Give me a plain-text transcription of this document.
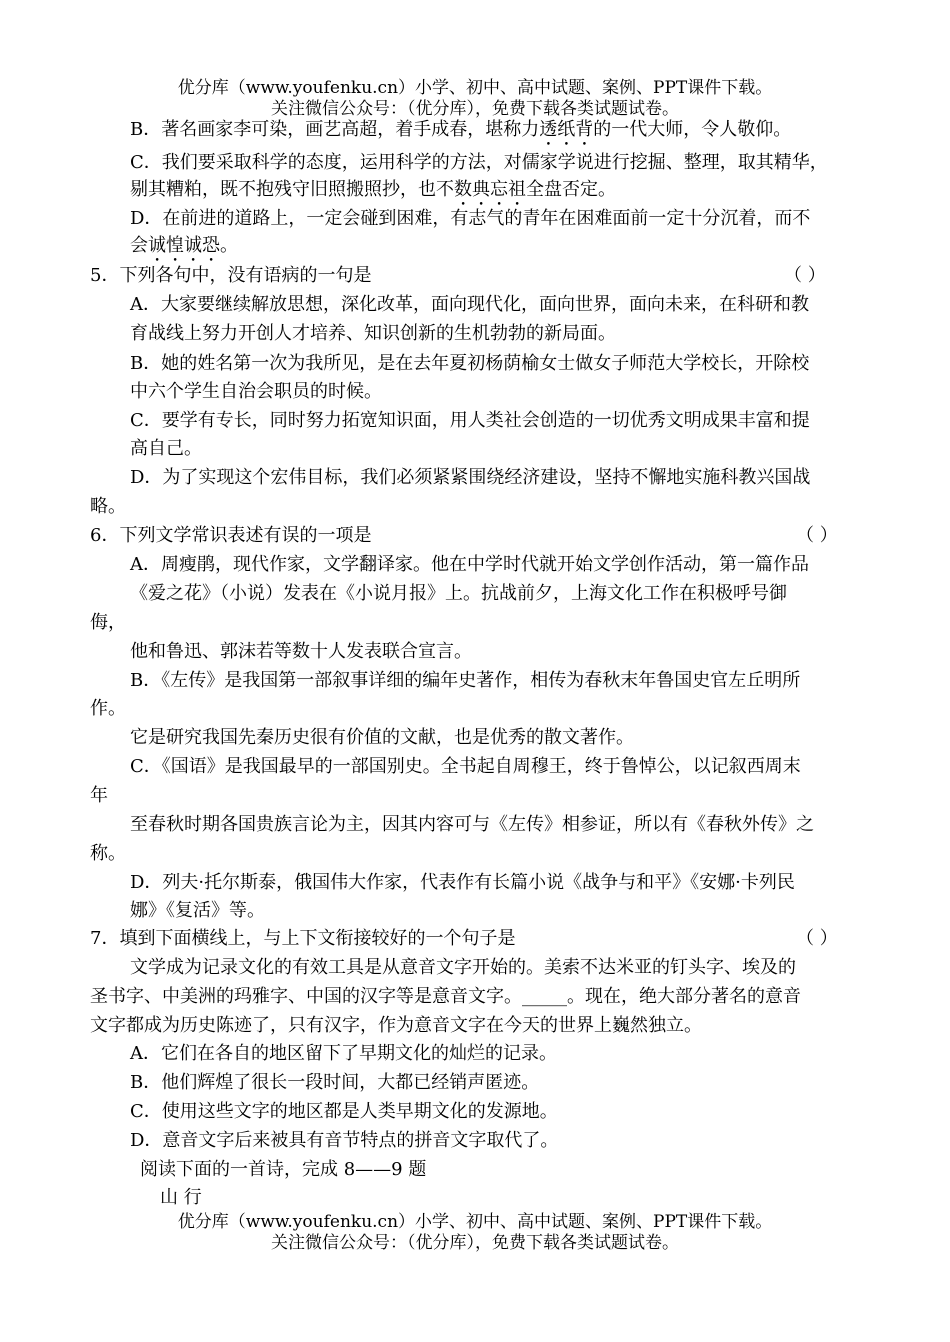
优分库（www.youfenku.cn）小学、初中、高中试题、案例、PPT课件下载。
关注微信公众号：（优分库），免费下载各类试题试卷。
B．著名画家李可染，画艺高超，着手成春，堪称力透纸背的一代大师，令人敬仰。
C．我们要采取科学的态度，运用科学的方法，对儒家学说进行挖掘、整理，取其精华，
剔其糟粕，既不抱残守旧照搬照抄，也不数典忘祖全盘否定。
D．在前进的道路上，一定会碰到困难，有志气的青年在困难面前一定十分沉着，而不
会诚惶诚恐。
5．下列各句中，没有语病的一句是	（ ）
A．大家要继续解放思想，深化改革，面向现代化，面向世界，面向未来，在科研和教
育战线上努力开创人才培养、知识创新的生机勃勃的新局面。
B．她的姓名第一次为我所见，是在去年夏初杨荫榆女士做女子师范大学校长，开除校
中六个学生自治会职员的时候。
C．要学有专长，同时努力拓宽知识面，用人类社会创造的一切优秀文明成果丰富和提
高自己。
D．为了实现这个宏伟目标，我们必须紧紧围绕经济建设，坚持不懈地实施科教兴国战
略。
6．下列文学常识表述有误的一项是	（ ）
A．周瘦鹃，现代作家，文学翻译家。他在中学时代就开始文学创作活动，第一篇作品
《爱之花》（小说）发表在《小说月报》上。抗战前夕，上海文化工作在积极呼号御
侮，
他和鲁迅、郭沫若等数十人发表联合宣言。
B．《左传》是我国第一部叙事详细的编年史著作，相传为春秋末年鲁国史官左丘明所
作。
它是研究我国先秦历史很有价值的文献，也是优秀的散文著作。
C．《国语》是我国最早的一部国别史。全书起自周穆王，终于鲁悼公，以记叙西周末
年
至春秋时期各国贵族言论为主，因其内容可与《左传》相参证，所以有《春秋外传》之
称。
D．列夫·托尔斯泰，俄国伟大作家，代表作有长篇小说《战争与和平》《安娜·卡列民
娜》《复活》等。
7．填到下面横线上，与上下文衔接较好的一个句子是	（ ）
文学成为记录文化的有效工具是从意音文字开始的。美索不达米亚的钉头字、埃及的
圣书字、中美洲的玛雅字、中国的汉字等是意音文字。_____。现在，绝大部分著名的意音
文字都成为历史陈迹了，只有汉字，作为意音文字在今天的世界上巍然独立。
A．它们在各自的地区留下了早期文化的灿烂的记录。
B．他们辉煌了很长一段时间，大都已经销声匿迹。
C．使用这些文字的地区都是人类早期文化的发源地。
D．意音文字后来被具有音节特点的拼音文字取代了。
阅读下面的一首诗，完成 8——9 题
山 行
优分库（www.youfenku.cn）小学、初中、高中试题、案例、PPT课件下载。
关注微信公众号：（优分库），免费下载各类试题试卷。
